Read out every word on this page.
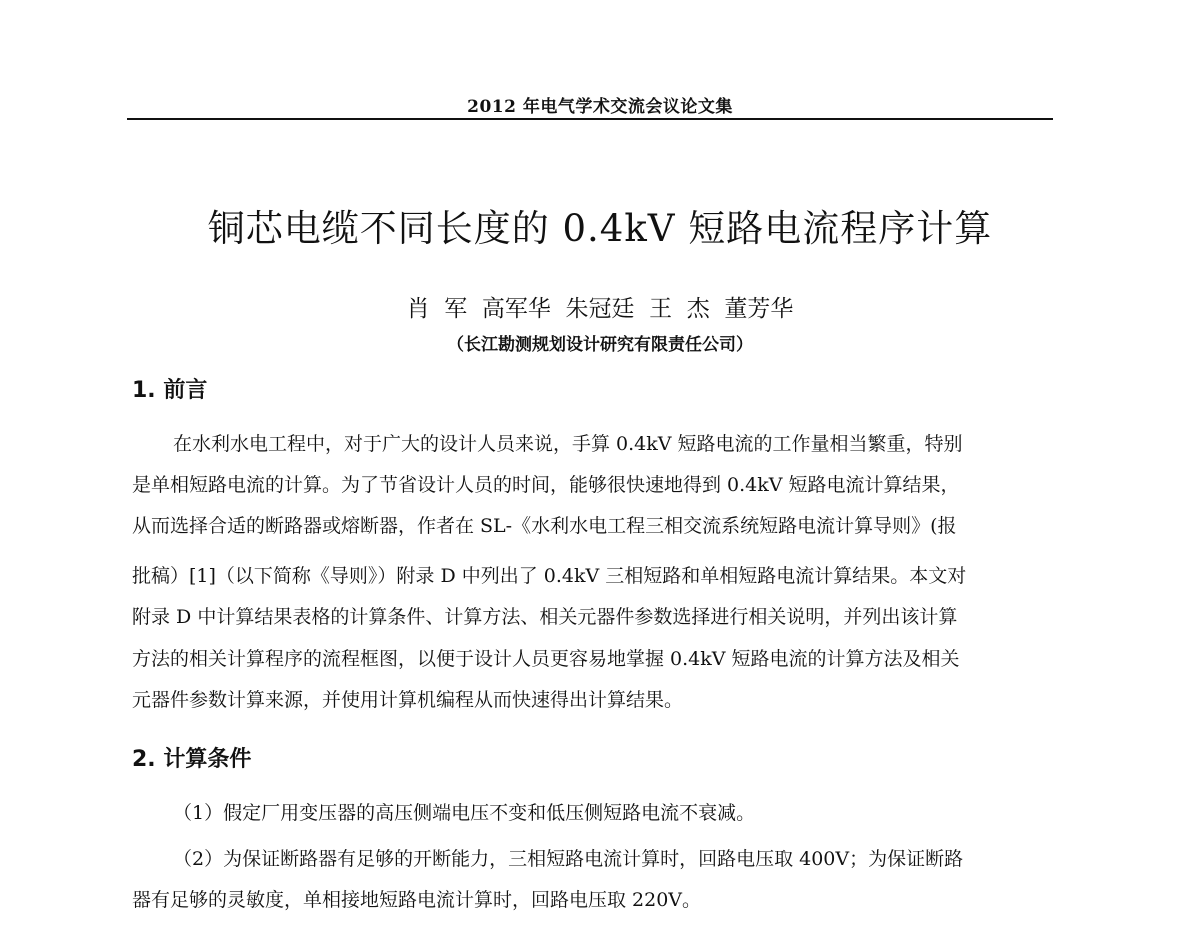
2012 年电气学术交流会议论文集
铜芯电缆不同长度的 0.4kV 短路电流程序计算
肖  军  高军华  朱冠廷  王  杰  董芳华
（长江勘测规划设计研究有限责任公司）
1. 前言
在水利水电工程中，对于广大的设计人员来说，手算 0.4kV 短路电流的工作量相当繁重，特别
是单相短路电流的计算。为了节省设计人员的时间，能够很快速地得到 0.4kV 短路电流计算结果，
从而选择合适的断路器或熔断器，作者在 SL-《水利水电工程三相交流系统短路电流计算导则》(报
批稿）[1]（以下简称《导则》）附录 D 中列出了 0.4kV 三相短路和单相短路电流计算结果。本文对
附录 D 中计算结果表格的计算条件、计算方法、相关元器件参数选择进行相关说明，并列出该计算
方法的相关计算程序的流程框图，以便于设计人员更容易地掌握 0.4kV 短路电流的计算方法及相关
元器件参数计算来源，并使用计算机编程从而快速得出计算结果。
2. 计算条件
（1）假定厂用变压器的高压侧端电压不变和低压侧短路电流不衰减。
（2）为保证断路器有足够的开断能力，三相短路电流计算时，回路电压取 400V；为保证断路
器有足够的灵敏度，单相接地短路电流计算时，回路电压取 220V。
